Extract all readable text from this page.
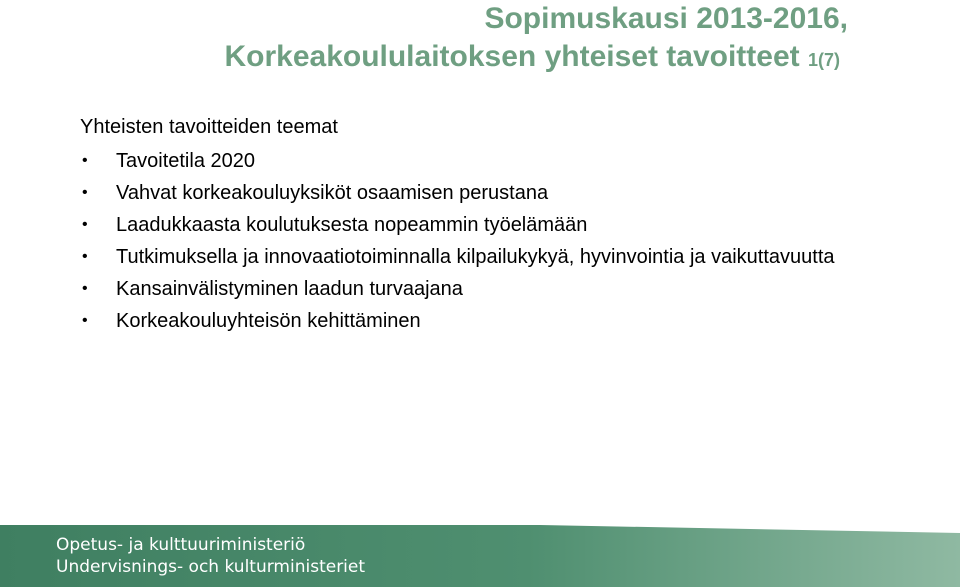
Sopimuskausi 2013-2016,
Korkeakoululaitoksen yhteiset tavoitteet 1(7)
Yhteisten tavoitteiden teemat
• Tavoitetila 2020
• Vahvat korkeakouluyksiköt osaamisen perustana
• Laadukkaasta koulutuksesta nopeammin työelämään
• Tutkimuksella ja innovaatiotoiminnalla kilpailukykyä, hyvinvointia ja vaikuttavuutta
• Kansainvälistyminen laadun turvaajana
• Korkeakouluyhteisön kehittäminen
Opetus- ja kulttuuriministeriö
Undervisnings- och kulturministeriet
